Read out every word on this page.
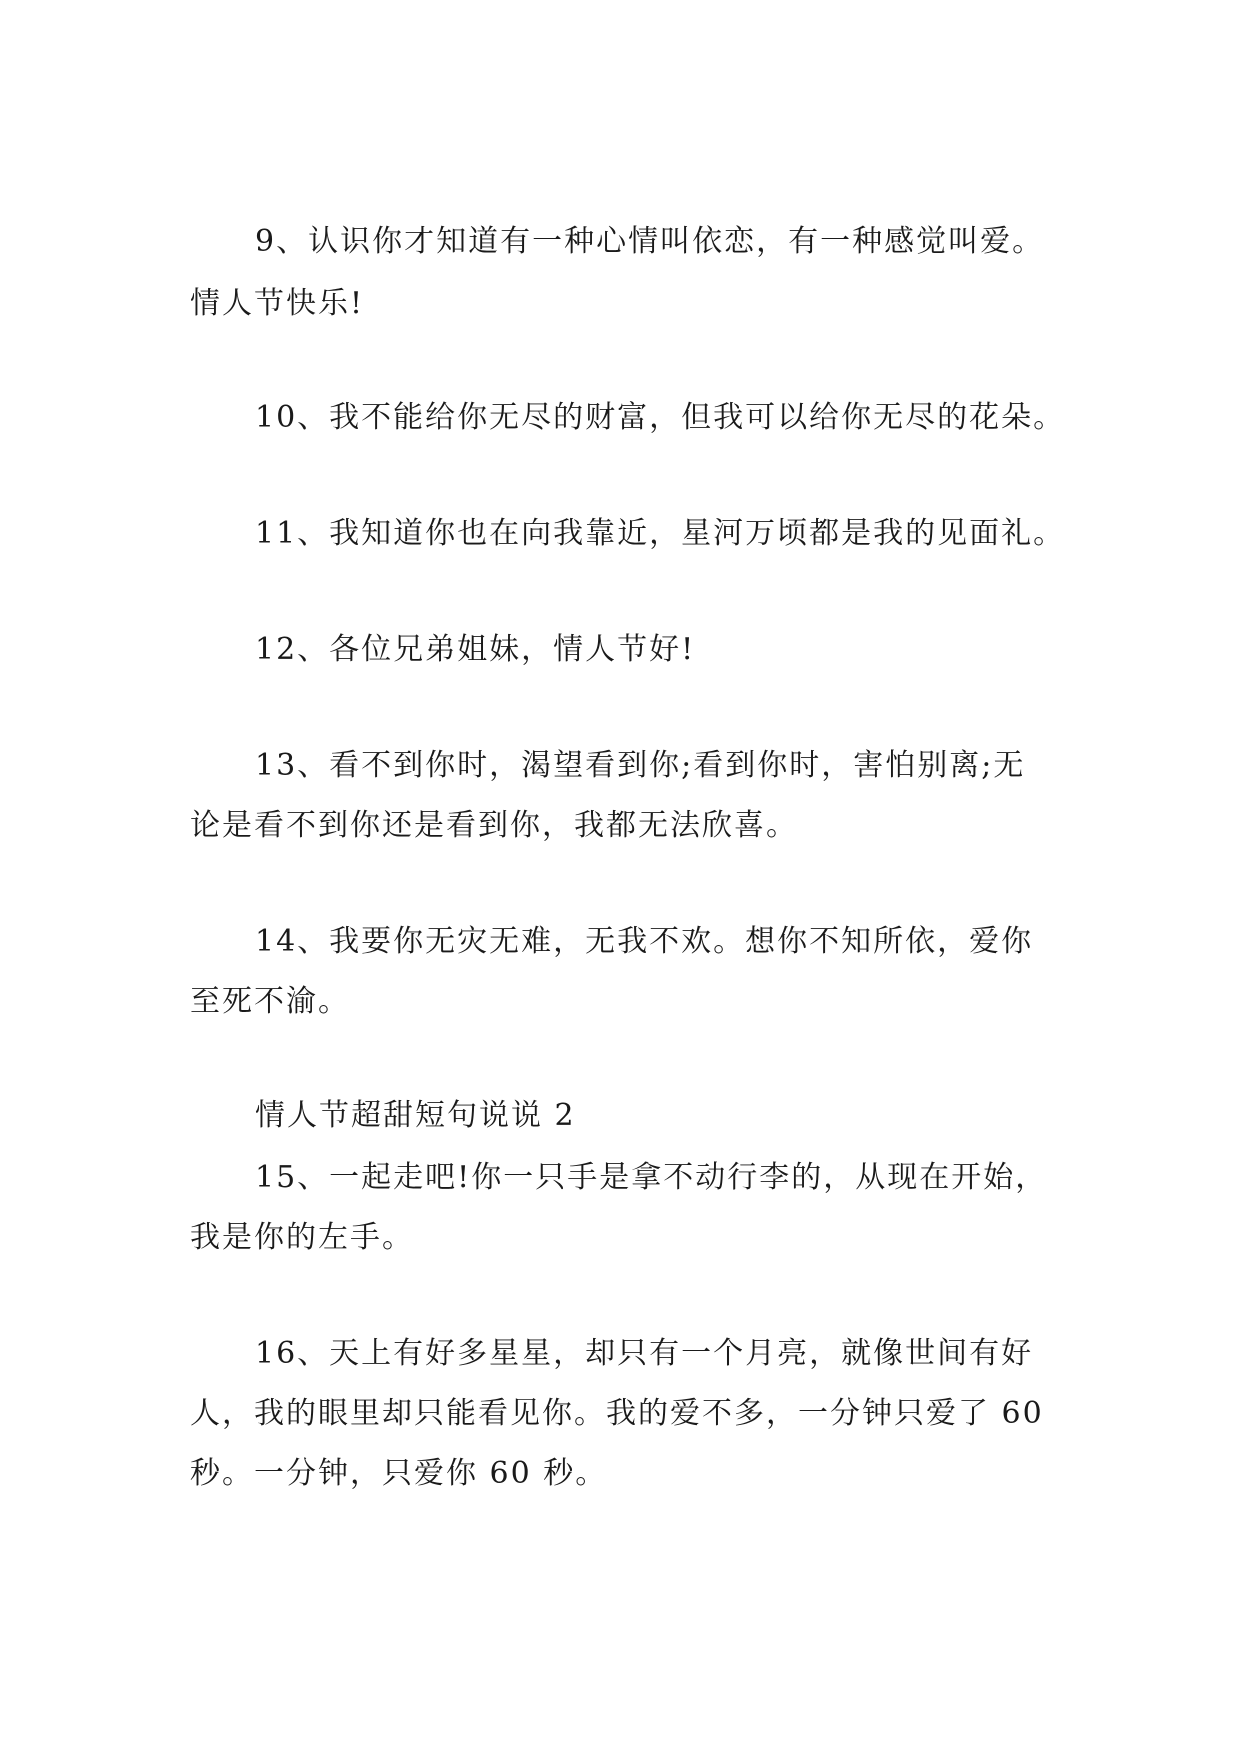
9、认识你才知道有一种心情叫依恋，有一种感觉叫爱。
情人节快乐!
10、我不能给你无尽的财富，但我可以给你无尽的花朵。
11、我知道你也在向我靠近，星河万顷都是我的见面礼。
12、各位兄弟姐妹，情人节好!
13、看不到你时，渴望看到你;看到你时，害怕别离;无
论是看不到你还是看到你，我都无法欣喜。
14、我要你无灾无难，无我不欢。想你不知所依，爱你
至死不渝。
情人节超甜短句说说 2
15、一起走吧!你一只手是拿不动行李的，从现在开始，
我是你的左手。
16、天上有好多星星，却只有一个月亮，就像世间有好
人，我的眼里却只能看见你。我的爱不多，一分钟只爱了 60
秒。一分钟，只爱你 60 秒。
